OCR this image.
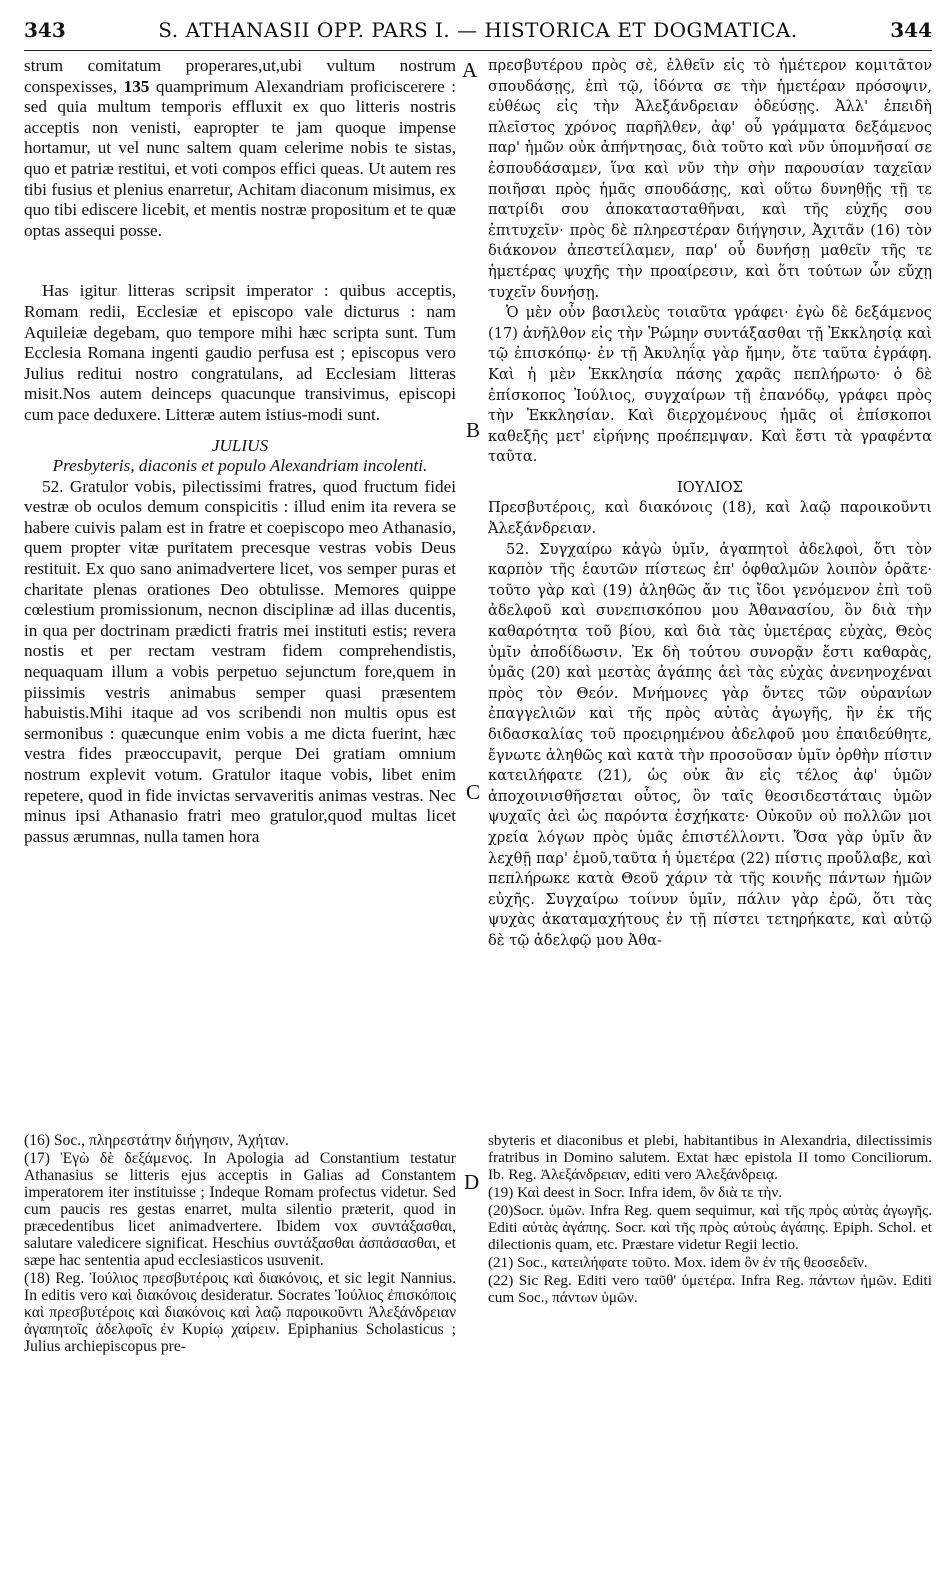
343	S. ATHANASII OPP. PARS I. — HISTORICA ET DOGMATICA.	344

strum comitatum properares,ut,ubi vultum nostrum conspexisses, 135 quamprimum Alexandriam proficiscerere : sed quia multum temporis effluxit ex quo litteris nostris acceptis non venisti, eapropter te jam quoque impense hortamur, ut vel nunc saltem quam celerime nobis te sistas, quo et patriæ restitui, et voti compos effici queas. Ut autem res tibi fusius et plenius enarretur, Achitam diaconum misimus, ex quo tibi ediscere licebit, et mentis nostræ propositum et te quæ optas assequi posse.

Has igitur litteras scripsit imperator : quibus acceptis, Romam redii, Ecclesiæ et episcopo vale dicturus : nam Aquileiæ degebam, quo tempore mihi hæc scripta sunt. Tum Ecclesia Romana ingenti gaudio perfusa est ; episcopus vero Julius reditui nostro congratulans, ad Ecclesiam litteras misit.Nos autem deinceps quacunque transivimus, episcopi cum pace deduxere. Litteræ autem istius-modi sunt.

JULIUS

Presbyteris, diaconis et populo Alexandriam incolenti.

52. Gratulor vobis, pilectissimi fratres, quod fructum fidei vestræ ob oculos demum conspicitis : illud enim ita revera se habere cuivis palam est in fratre et coepiscopo meo Athanasio, quem propter vitæ puritatem precesque vestras vobis Deus restituit. Ex quo sano animadvertere licet, vos semper puras et charitate plenas orationes Deo obtulisse. Memores quippe cœlestium promissionum, necnon disciplinæ ad illas ducentis, in qua per doctrinam prædicti fratris mei instituti estis; revera nostis et per rectam vestram fidem comprehendistis, nequaquam illum a vobis perpetuo sejunctum fore,quem in piissimis vestris animabus semper quasi præsentem habuistis.Mihi itaque ad vos scribendi non multis opus est sermonibus : quæcunque enim vobis a me dicta fuerint, hæc vestra fides præoccupavit, perque Dei gratiam omnium nostrum explevit votum. Gratulor itaque vobis, libet enim repetere, quod in fide invictas servaveritis animas vestras. Nec minus ipsi Athanasio fratri meo gratulor,quod multas licet passus ærumnas, nulla tamen hora

A
B
C
D

πρεσβυτέρου πρὸς σὲ, ἐλθεῖν εἰς τὸ ἡμέτερον κομιτᾶτον σπουδάσῃς, ἐπὶ τῷ, ἰδόντα σε τὴν ἡμετέραν πρόσοψιν, εὐθέως εἰς τὴν Ἀλεξάνδρειαν ὁδεύσῃς. Ἀλλ' ἐπειδὴ πλεῖστος χρόνος παρῆλθεν, ἀφ' οὗ γράμματα δεξάμενος παρ' ἡμῶν οὐκ ἀπήντησας, διὰ τοῦτο καὶ νῦν ὑπομνῆσαί σε ἐσπουδάσαμεν, ἵνα καὶ νῦν τὴν σὴν παρουσίαν ταχεῖαν ποιῆσαι πρὸς ἡμᾶς σπουδάσῃς, καὶ οὕτω δυνηθῇς τῇ τε πατρίδι σου ἀποκατασταθῆναι, καὶ τῆς εὐχῆς σου ἐπιτυχεῖν· πρὸς δὲ πληρεστέραν διήγησιν, Ἀχιτᾶν (16) τὸν διάκονον ἀπεστείλαμεν, παρ' οὗ δυνήσῃ μαθεῖν τῆς τε ἡμετέρας ψυχῆς τὴν προαίρεσιν, καὶ ὅτι τούτων ὧν εὔχῃ τυχεῖν δυνήσῃ.

Ὁ μὲν οὖν βασιλεὺς τοιαῦτα γράφει· ἐγὼ δὲ δεξάμενος (17) ἀνῆλθον εἰς τὴν Ῥώμην συντάξασθαι τῇ Ἐκκλησίᾳ καὶ τῷ ἐπισκόπῳ· ἐν τῇ Ἀκυληΐᾳ γὰρ ἤμην, ὅτε ταῦτα ἐγράφη. Καὶ ἡ μὲν Ἐκκλησία πάσης χαρᾶς πεπλήρωτο· ὁ δὲ ἐπίσκοπος Ἰούλιος, συγχαίρων τῇ ἐπανόδῳ, γράφει πρὸς τὴν Ἐκκλησίαν. Καὶ διερχομένους ἡμᾶς οἱ ἐπίσκοποι καθεξῆς μετ' εἰρήνης προέπεμψαν. Καὶ ἔστι τὰ γραφέντα ταῦτα.

ΙΟΥΛΙΟΣ

Πρεσβυτέροις, καὶ διακόνοις (18), καὶ λαῷ παροικοῦντι Ἀλεξάνδρειαν.

52. Συγχαίρω κἀγὼ ὑμῖν, ἀγαπητοὶ ἀδελφοὶ, ὅτι τὸν καρπὸν τῆς ἑαυτῶν πίστεως ἐπ' ὀφθαλμῶν λοιπὸν ὁρᾶτε· τοῦτο γὰρ καὶ (19) ἀληθῶς ἄν τις ἴδοι γενόμενον ἐπὶ τοῦ ἀδελφοῦ καὶ συνεπισκόπου μου Ἀθανασίου, ὃν διὰ τὴν καθαρότητα τοῦ βίου, καὶ διὰ τὰς ὑμετέρας εὐχὰς, Θεὸς ὑμῖν ἀποδίδωσιν. Ἐκ δὴ τούτου συνορᾷν ἔστι καθαρὰς, ὑμᾶς (20) καὶ μεστὰς ἀγάπης ἀεὶ τὰς εὐχὰς ἀνενηνοχέναι πρὸς τὸν Θεόν. Μνήμονες γὰρ ὄντες τῶν οὐρανίων ἐπαγγελιῶν καὶ τῆς πρὸς αὐτὰς ἀγωγῆς, ἣν ἐκ τῆς διδασκαλίας τοῦ προειρημένου ἀδελφοῦ μου ἐπαιδεύθητε, ἔγνωτε ἀληθῶς καὶ κατὰ τὴν προσοῦσαν ὑμῖν ὀρθὴν πίστιν κατειλήφατε (21), ὡς οὐκ ἂν εἰς τέλος ἀφ' ὑμῶν ἀποχοινισθῆσεται οὗτος, ὃν ταῖς θεοσιδεστάταις ὑμῶν ψυχαῖς ἀεὶ ὡς παρόντα ἐσχήκατε· Οὐκοῦν οὐ πολλῶν μοι χρεία λόγων πρὸς ὑμᾶς ἐπιστέλλοντι. Ὅσα γὰρ ὑμῖν ἂν λεχθῇ παρ' ἐμοῦ,ταῦτα ἡ ὑμετέρα (22) πίστις προὔλαβε, καὶ πεπλήρωκε κατὰ Θεοῦ χάριν τὰ τῆς κοινῆς πάντων ἡμῶν εὐχῆς. Συγχαίρω τοίνυν ὑμῖν, πάλιν γὰρ ἐρῶ, ὅτι τὰς ψυχὰς ἀκαταμαχήτους ἐν τῇ πίστει τετηρήκατε, καὶ αὐτῷ δὲ τῷ ἀδελφῷ μου Ἀθα-

(16) Soc., πληρεστάτην διήγησιν, Ἀχήταν.

(17) Ἐγὼ δὲ δεξάμενος. In Apologia ad Constantium testatur Athanasius se litteris ejus acceptis in Galias ad Constantem imperatorem iter instituisse ; Indeque Romam profectus videtur. Sed cum paucis res gestas enarret, multa silentio præterit, quod in præcedentibus licet animadvertere. Ibidem vox συντάξασθαι, salutare valedicere significat. Heschius συντάξασθαι ἀσπάσασθαι, et sæpe hac sententia apud ecclesiasticos usuvenit.

(18) Reg. Ἰούλιος πρεσβυτέροις καὶ διακόνοις, et sic legit Nannius. In editis vero καὶ διακόνοις desideratur. Socrates Ἰούλιος ἐπισκόποις καὶ πρεσβυτέροις καὶ διακόνοις καὶ λαῷ παροικοῦντι Ἀλεξάνδρειαν ἀγαπητοῖς ἀδελφοῖς ἐν Κυρίῳ χαίρειν. Epiphanius Scholasticus ; Julius archiepiscopus pre-

sbyteris et diaconibus et plebi, habitantibus in Alexandria, dilectissimis fratribus in Domino salutem. Extat hæc epistola II tomo Conciliorum. Ib. Reg. Ἀλεξάνδρειαν, editi vero Ἀλεξάνδρειᾳ.

(19) Καὶ deest in Socr. Infra idem, ὃν διὰ τε τὴν.

(20)Socr. ὑμῶν. Infra Reg. quem sequimur, καὶ τῆς πρὸς αὐτὰς ἀγωγῆς. Editi αὐτὰς ἀγάπης. Socr. καὶ τῆς πρὸς αὐτοὺς ἀγάπης. Epiph. Schol. et dilectionis quam, etc. Præstare videtur Regii lectio.

(21) Soc., κατειλήφατε τοῦτο. Mox. idem ὃν ἐν τῆς θεοσεδεῖν.

(22) Sic Reg. Editi vero ταῦθ' ὑμετέρα. Infra Reg. πάντων ἡμῶν. Editi cum Soc., πάντων ὑμῶν.
